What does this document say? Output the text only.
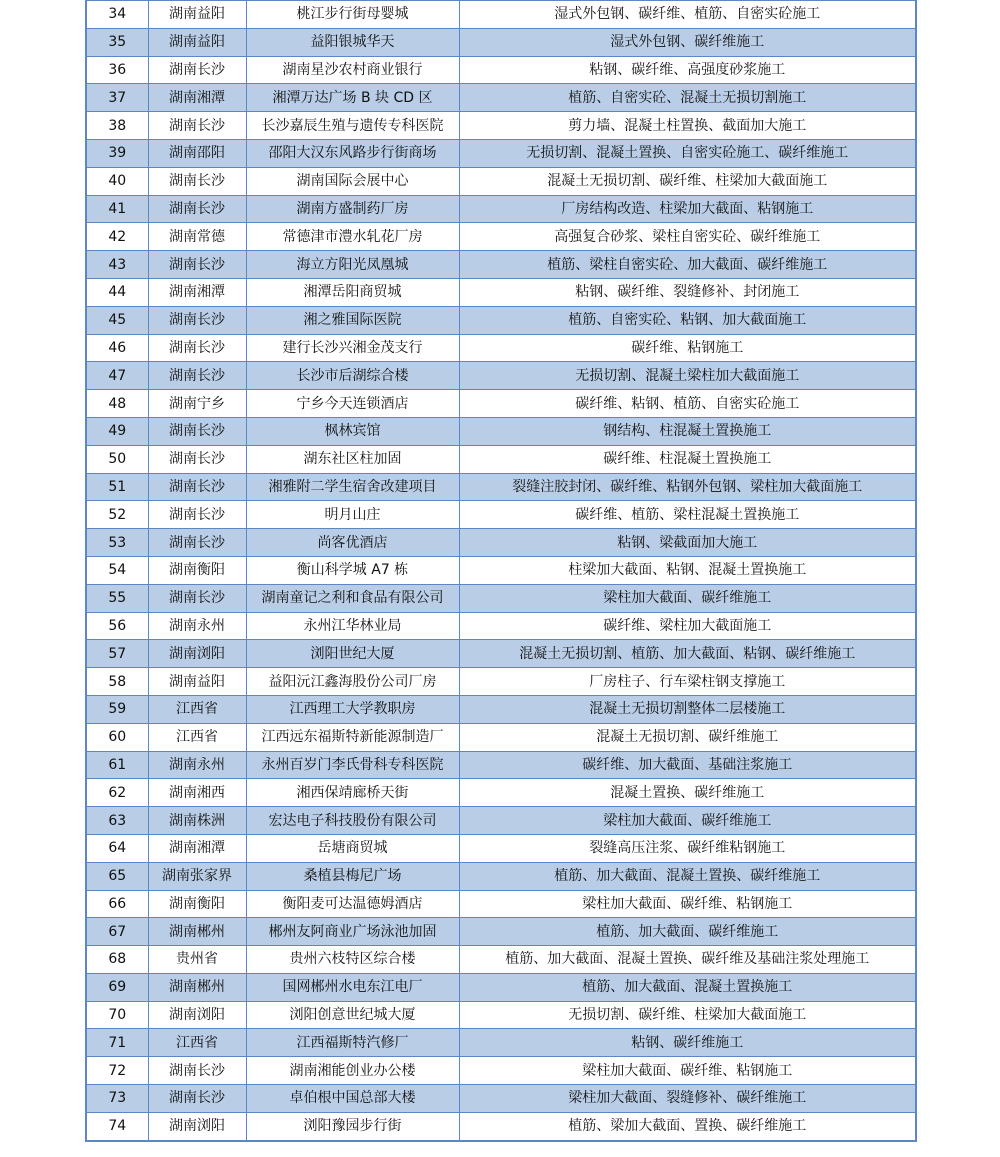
34	湖南益阳	桃江步行街母婴城	湿式外包钢、碳纤维、植筋、自密实砼施工
35	湖南益阳	益阳银城华天	湿式外包钢、碳纤维施工
36	湖南长沙	湖南星沙农村商业银行	粘钢、碳纤维、高强度砂浆施工
37	湖南湘潭	湘潭万达广场 B 块 CD 区	植筋、自密实砼、混凝土无损切割施工
38	湖南长沙	长沙嘉辰生殖与遗传专科医院	剪力墙、混凝土柱置换、截面加大施工
39	湖南邵阳	邵阳大汉东风路步行街商场	无损切割、混凝土置换、自密实砼施工、碳纤维施工
40	湖南长沙	湖南国际会展中心	混凝土无损切割、碳纤维、柱梁加大截面施工
41	湖南长沙	湖南方盛制药厂房	厂房结构改造、柱梁加大截面、粘钢施工
42	湖南常德	常德津市澧水轧花厂房	高强复合砂浆、梁柱自密实砼、碳纤维施工
43	湖南长沙	海立方阳光凤凰城	植筋、梁柱自密实砼、加大截面、碳纤维施工
44	湖南湘潭	湘潭岳阳商贸城	粘钢、碳纤维、裂缝修补、封闭施工
45	湖南长沙	湘之雅国际医院	植筋、自密实砼、粘钢、加大截面施工
46	湖南长沙	建行长沙兴湘金茂支行	碳纤维、粘钢施工
47	湖南长沙	长沙市后湖综合楼	无损切割、混凝土梁柱加大截面施工
48	湖南宁乡	宁乡今天连锁酒店	碳纤维、粘钢、植筋、自密实砼施工
49	湖南长沙	枫林宾馆	钢结构、柱混凝土置换施工
50	湖南长沙	湖东社区柱加固	碳纤维、柱混凝土置换施工
51	湖南长沙	湘雅附二学生宿舍改建项目	裂缝注胶封闭、碳纤维、粘钢外包钢、梁柱加大截面施工
52	湖南长沙	明月山庄	碳纤维、植筋、梁柱混凝土置换施工
53	湖南长沙	尚客优酒店	粘钢、梁截面加大施工
54	湖南衡阳	衡山科学城 A7 栋	柱梁加大截面、粘钢、混凝土置换施工
55	湖南长沙	湖南童记之利和食品有限公司	梁柱加大截面、碳纤维施工
56	湖南永州	永州江华林业局	碳纤维、梁柱加大截面施工
57	湖南浏阳	浏阳世纪大厦	混凝土无损切割、植筋、加大截面、粘钢、碳纤维施工
58	湖南益阳	益阳沅江鑫海股份公司厂房	厂房柱子、行车梁柱钢支撑施工
59	江西省	江西理工大学教职房	混凝土无损切割整体二层楼施工
60	江西省	江西远东福斯特新能源制造厂	混凝土无损切割、碳纤维施工
61	湖南永州	永州百岁门李氏骨科专科医院	碳纤维、加大截面、基础注浆施工
62	湖南湘西	湘西保靖廊桥天街	混凝土置换、碳纤维施工
63	湖南株洲	宏达电子科技股份有限公司	梁柱加大截面、碳纤维施工
64	湖南湘潭	岳塘商贸城	裂缝高压注浆、碳纤维粘钢施工
65	湖南张家界	桑植县梅尼广场	植筋、加大截面、混凝土置换、碳纤维施工
66	湖南衡阳	衡阳麦可达温德姆酒店	梁柱加大截面、碳纤维、粘钢施工
67	湖南郴州	郴州友阿商业广场泳池加固	植筋、加大截面、碳纤维施工
68	贵州省	贵州六枝特区综合楼	植筋、加大截面、混凝土置换、碳纤维及基础注浆处理施工
69	湖南郴州	国网郴州水电东江电厂	植筋、加大截面、混凝土置换施工
70	湖南浏阳	浏阳创意世纪城大厦	无损切割、碳纤维、柱梁加大截面施工
71	江西省	江西福斯特汽修厂	粘钢、碳纤维施工
72	湖南长沙	湖南湘能创业办公楼	梁柱加大截面、碳纤维、粘钢施工
73	湖南长沙	卓伯根中国总部大楼	梁柱加大截面、裂缝修补、碳纤维施工
74	湖南浏阳	浏阳豫园步行街	植筋、梁加大截面、置换、碳纤维施工
